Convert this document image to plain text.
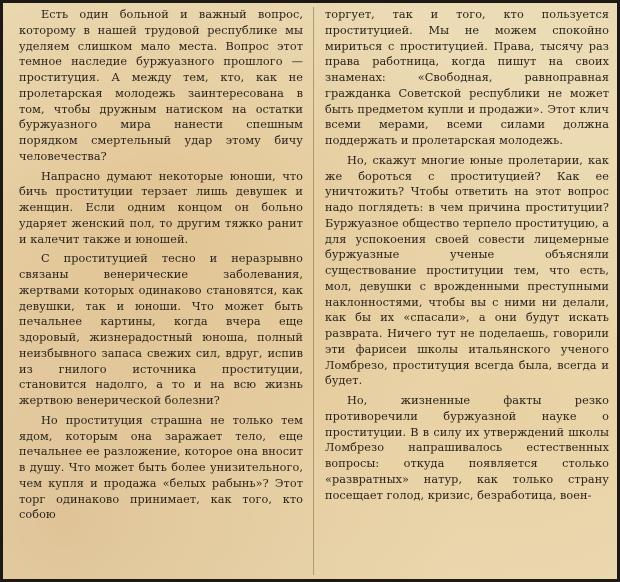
Есть один больной и важный вопрос, которому в нашей трудовой республике мы уделяем слишком мало места. Вопрос этот темное наследие буржуазного прошлого — проституция. А между тем, кто, как не пролетарская молодежь заинтересована в том, чтобы дружным натиском на остатки буржуазного мира нанести спешным порядком смертельный удар этому бичу человечества?

Напрасно думают некоторые юноши, что бичь проституции терзает лишь девушек и женщин. Если одним концом он больно ударяет женский пол, то другим тяжко ранит и калечит также и юношей.

С проституцией тесно и неразрывно связаны венерические заболевания, жертвами которых одинаково становятся, как девушки, так и юноши. Что может быть печальнее картины, когда вчера еще здоровый, жизнерадостный юноша, полный неизбывного запаса свежих сил, вдруг, испив из гнилого источника проституции, становится надолго, а то и на всю жизнь жертвою венерической болезни?

Но проституция страшна не только тем ядом, которым она заражает тело, еще печальнее ее разложение, которое она вносит в душу. Что может быть более унизительного, чем купля и продажа «белых рабынь»? Этот торг одинаково принимает, как того, кто собою

торгует, так и того, кто пользуется проституцией. Мы не можем спокойно мириться с проституцией. Права, тысячу раз права работница, когда пишут на своих знаменах: «Свободная, равноправная гражданка Советской республики не может быть предметом купли и продажи». Этот клич всеми мерами, всеми силами должна поддержать и пролетарская молодежь.

Но, скажут многие юные пролетарии, как же бороться с проституцией? Как ее уничтожить? Чтобы ответить на этот вопрос надо поглядеть: в чем причина проституции? Буржуазное общество терпело проституцию, а для успокоения своей совести лицемерные буржуазные ученые объясняли существование проституции тем, что есть, мол, девушки с врожденными преступными наклонностями, чтобы вы с ними ни делали, как бы их «спасали», а они будут искать разврата. Ничего тут не поделаешь, говорили эти фарисеи школы итальянского ученого Ломбрезо, проституция всегда была, всегда и будет.

Но, жизненные факты резко противоречили буржуазной науке о проституции. В в силу их утверждений школы Ломбрезо напрашивалось естественных вопросы: откуда появляется столько «развратных» натур, как только страну посещает голод, кризис, безработица, воен-
